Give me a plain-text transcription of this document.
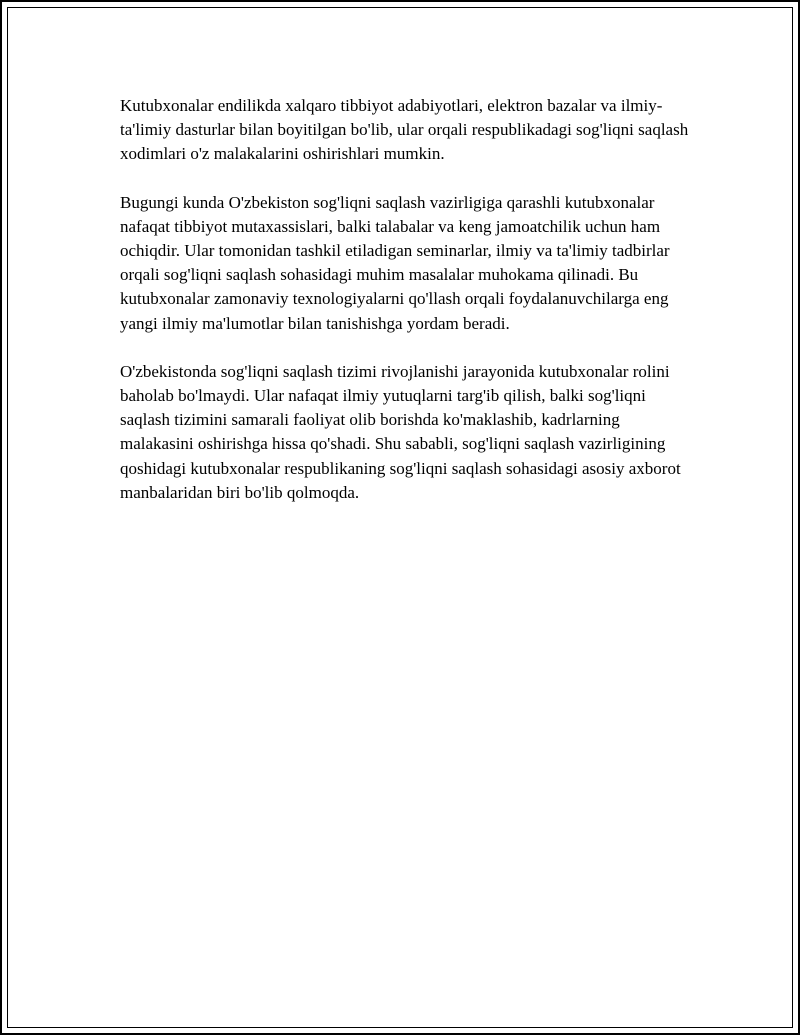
Kutubxonalar endilikda xalqaro tibbiyot adabiyotlari, elektron bazalar va ilmiy-ta'limiy dasturlar bilan boyitilgan bo'lib, ular orqali respublikadagi sog'liqni saqlash xodimlari o'z malakalarini oshirishlari mumkin.

Bugungi kunda O'zbekiston sog'liqni saqlash vazirligiga qarashli kutubxonalar nafaqat tibbiyot mutaxassislari, balki talabalar va keng jamoatchilik uchun ham ochiqdir. Ular tomonidan tashkil etiladigan seminarlar, ilmiy va ta'limiy tadbirlar orqali sog'liqni saqlash sohasidagi muhim masalalar muhokama qilinadi. Bu kutubxonalar zamonaviy texnologiyalarni qo'llash orqali foydalanuvchilarga eng yangi ilmiy ma'lumotlar bilan tanishishga yordam beradi.

O'zbekistonda sog'liqni saqlash tizimi rivojlanishi jarayonida kutubxonalar rolini baholab bo'lmaydi. Ular nafaqat ilmiy yutuqlarni targ'ib qilish, balki sog'liqni saqlash tizimini samarali faoliyat olib borishda ko'maklashib, kadrlarning malakasini oshirishga hissa qo'shadi. Shu sababli, sog'liqni saqlash vazirligining qoshidagi kutubxonalar respublikaning sog'liqni saqlash sohasidagi asosiy axborot manbalaridan biri bo'lib qolmoqda.
